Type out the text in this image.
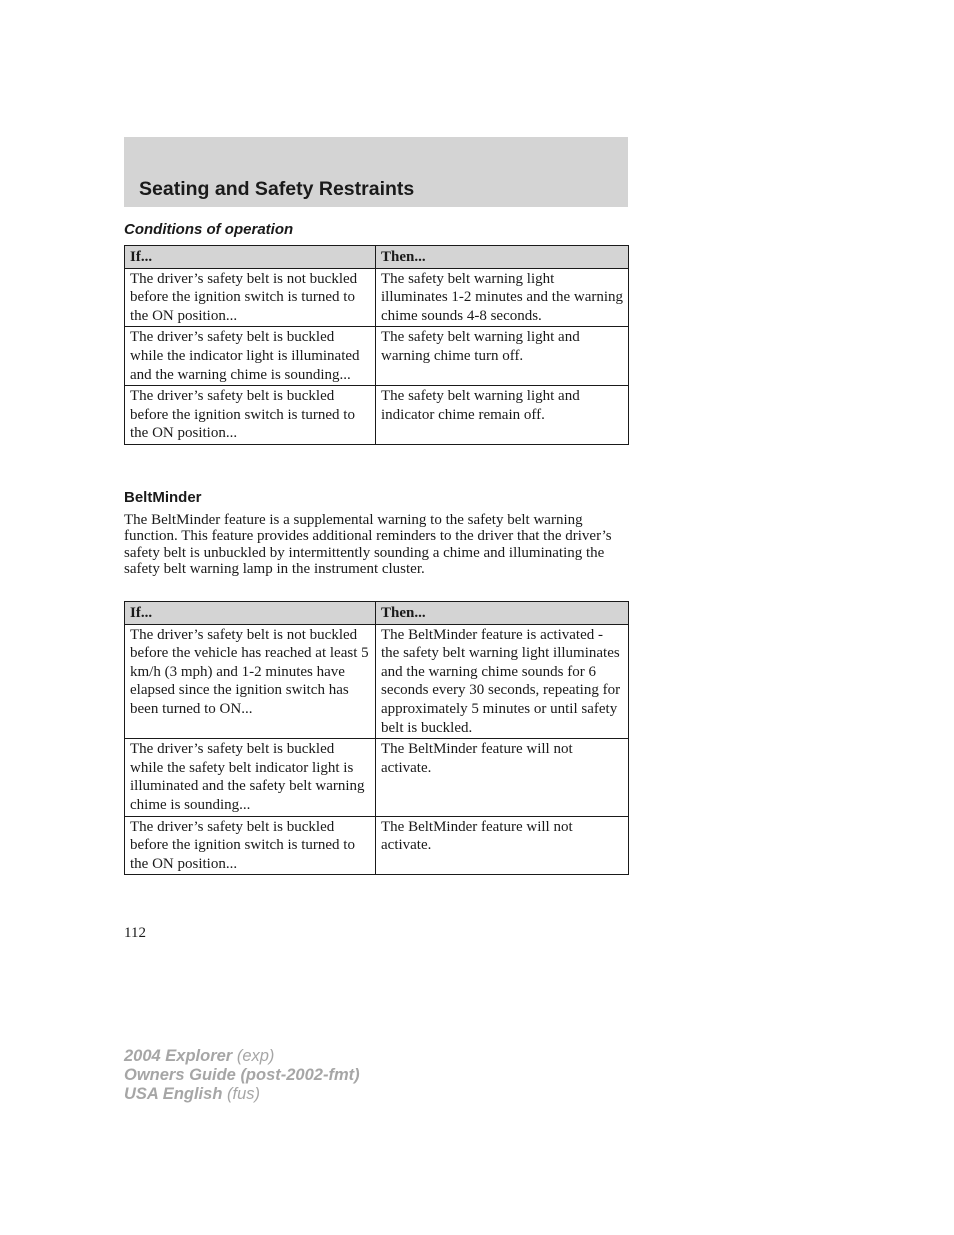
Seating and Safety Restraints
Conditions of operation
If...	Then...
The driver’s safety belt is not buckled before the ignition switch is turned to the ON position...	The safety belt warning light illuminates 1-2 minutes and the warning chime sounds 4-8 seconds.
The driver’s safety belt is buckled while the indicator light is illuminated and the warning chime is sounding...	The safety belt warning light and warning chime turn off.
The driver’s safety belt is buckled before the ignition switch is turned to the ON position...	The safety belt warning light and indicator chime remain off.
BeltMinder

The BeltMinder feature is a supplemental warning to the safety belt warning function. This feature provides additional reminders to the driver that the driver’s safety belt is unbuckled by intermittently sounding a chime and illuminating the safety belt warning lamp in the instrument cluster.

If...	Then...
The driver’s safety belt is not buckled before the vehicle has reached at least 5 km/h (3 mph) and 1-2 minutes have elapsed since the ignition switch has been turned to ON...	The BeltMinder feature is activated - the safety belt warning light illuminates and the warning chime sounds for 6 seconds every 30 seconds, repeating for approximately 5 minutes or until safety belt is buckled.
The driver’s safety belt is buckled while the safety belt indicator light is illuminated and the safety belt warning chime is sounding...	The BeltMinder feature will not activate.
The driver’s safety belt is buckled before the ignition switch is turned to the ON position...	The BeltMinder feature will not activate.

112

2004 Explorer (exp)
Owners Guide (post-2002-fmt)
USA English (fus)
